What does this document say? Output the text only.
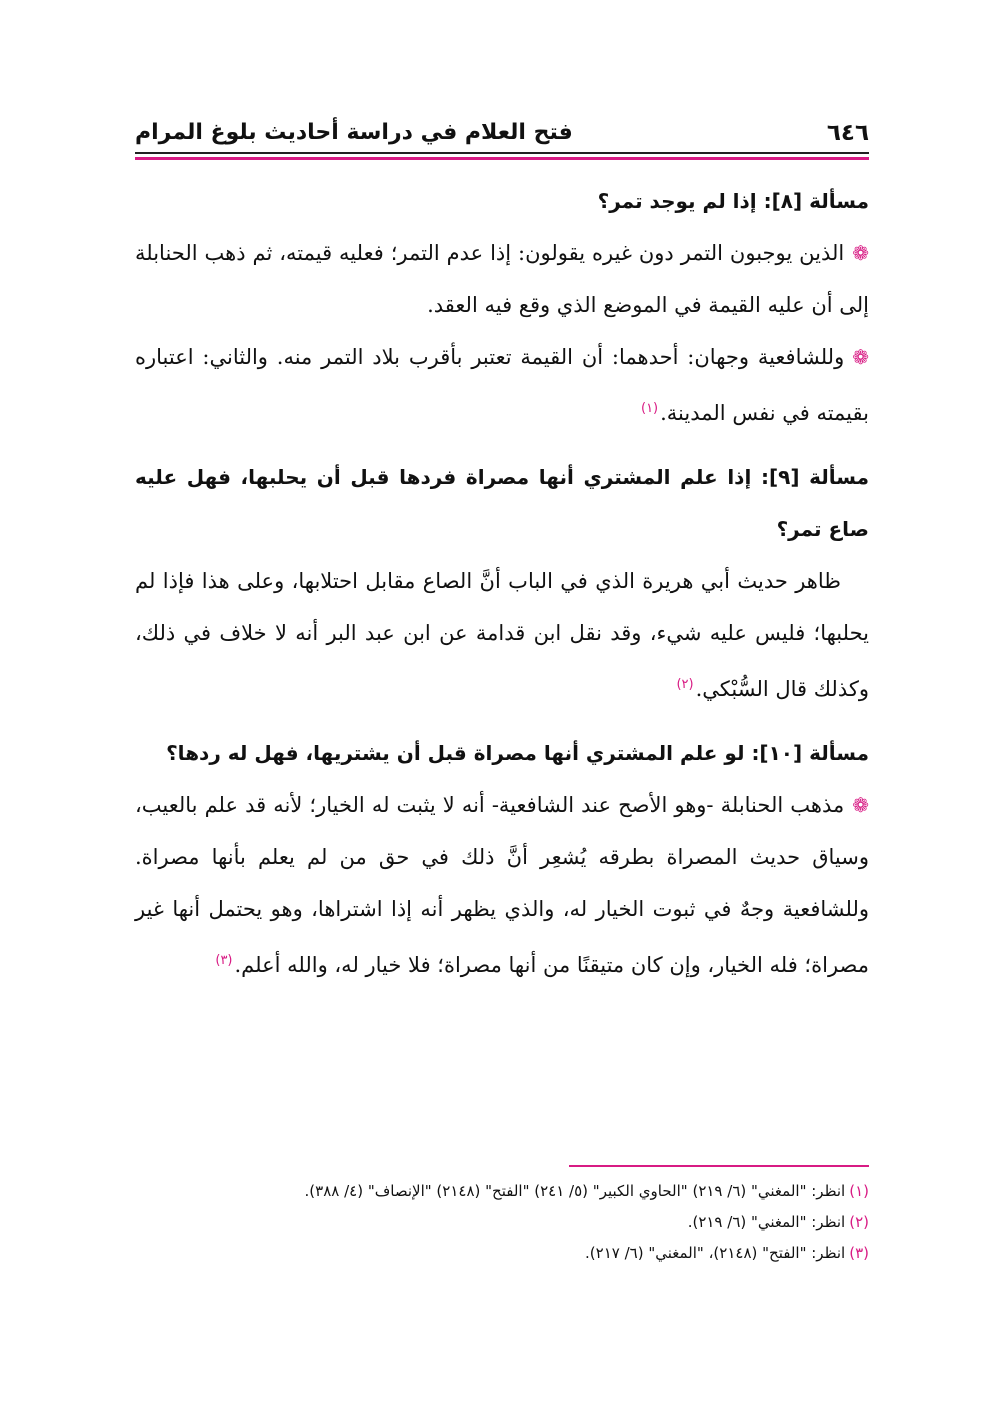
٦٤٦
فتح العلام في دراسة أحاديث بلوغ المرام
مسألة [٨]: إذا لم يوجد تمر؟

❁الذين يوجبون التمر دون غيره يقولون: إذا عدم التمر؛ فعليه قيمته، ثم ذهب الحنابلة إلى أن عليه القيمة في الموضع الذي وقع فيه العقد.

❁وللشافعية وجهان: أحدهما: أن القيمة تعتبر بأقرب بلاد التمر منه. والثاني: اعتباره بقيمته في نفس المدينة.$^{(١)}$

مسألة [٩]: إذا علم المشتري أنها مصراة فردها قبل أن يحلبها، فهل عليه صاع تمر؟

ظاهر حديث أبي هريرة الذي في الباب أنَّ الصاع مقابل احتلابها، وعلى هذا فإذا لم يحلبها؛ فليس عليه شيء، وقد نقل ابن قدامة عن ابن عبد البر أنه لا خلاف في ذلك، وكذلك قال السُّبْكي.$^{(٢)}$

مسألة [١٠]: لو علم المشتري أنها مصراة قبل أن يشتريها، فهل له ردها؟

❁مذهب الحنابلة -وهو الأصح عند الشافعية- أنه لا يثبت له الخيار؛ لأنه قد علم بالعيب، وسياق حديث المصراة بطرقه يُشعِر أنَّ ذلك في حق من لم يعلم بأنها مصراة. وللشافعية وجهٌ في ثبوت الخيار له، والذي يظهر أنه إذا اشتراها، وهو يحتمل أنها غير مصراة؛ فله الخيار، وإن كان متيقنًا من أنها مصراة؛ فلا خيار له، والله أعلم.$^{(٣)}$

(١)انظر: "المغني" (٦/ ٢١٩) "الحاوي الكبير" (٥/ ٢٤١) "الفتح" (٢١٤٨) "الإنصاف" (٤/ ٣٨٨).
(٢)انظر: "المغني" (٦/ ٢١٩).
(٣)انظر: "الفتح" (٢١٤٨)، "المغني" (٦/ ٢١٧).
